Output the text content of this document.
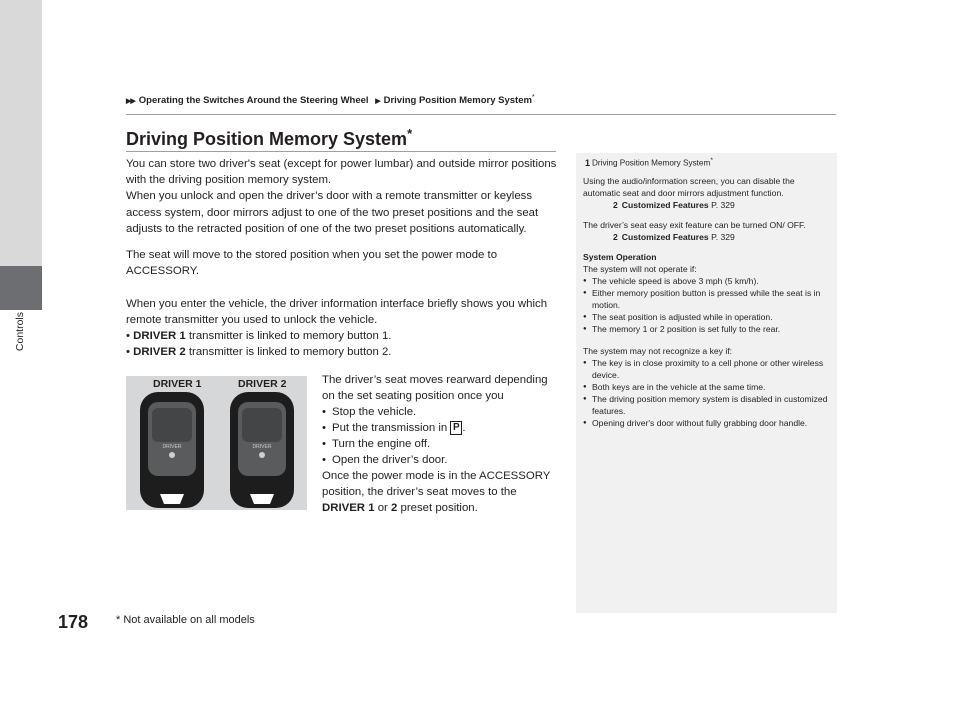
Controls
▶▶ Operating the Switches Around the Steering Wheel ▶ Driving Position Memory System*
Driving Position Memory System*

You can store two driver's seat (except for power lumbar) and outside mirror positions with the driving position memory system.

When you unlock and open the driver’s door with a remote transmitter or keyless access system, door mirrors adjust to one of the two preset positions and the seat adjusts to the retracted position of one of the two preset positions automatically.

The seat will move to the stored position when you set the power mode to ACCESSORY.
When you enter the vehicle, the driver information interface briefly shows you which remote transmitter you used to unlock the vehicle.
• DRIVER 1 transmitter is linked to memory button 1.
• DRIVER 2 transmitter is linked to memory button 2.
DRIVER	DRIVER
DRIVER 1	DRIVER 2	The driver’s seat moves rearward depending on the set seating position once you
• Stop the vehicle.
• Put the transmission in P .
• Turn the engine off.
• Open the driver’s door.
Once the power mode is in the ACCESSORY position, the driver’s seat moves to the DRIVER 1 or 2 preset position.
1 Driving Position Memory System*

Using the audio/information screen, you can disable the automatic seat and door mirrors adjustment function.

2 Customized Features P. 329

The driver’s seat easy exit feature can be turned ON/ OFF.

2 Customized Features P. 329

System Operation

The system will not operate if:

● The vehicle speed is above 3 mph (5 km/h).

● Either memory position button is pressed while the seat is in motion.

● The seat position is adjusted while in operation.

● The memory 1 or 2 position is set fully to the rear.

The system may not recognize a key if:

● The key is in close proximity to a cell phone or other wireless device.

● Both keys are in the vehicle at the same time.

● The driving position memory system is disabled in customized features.

● Opening driver's door without fully grabbing door handle.

178	* Not available on all models
